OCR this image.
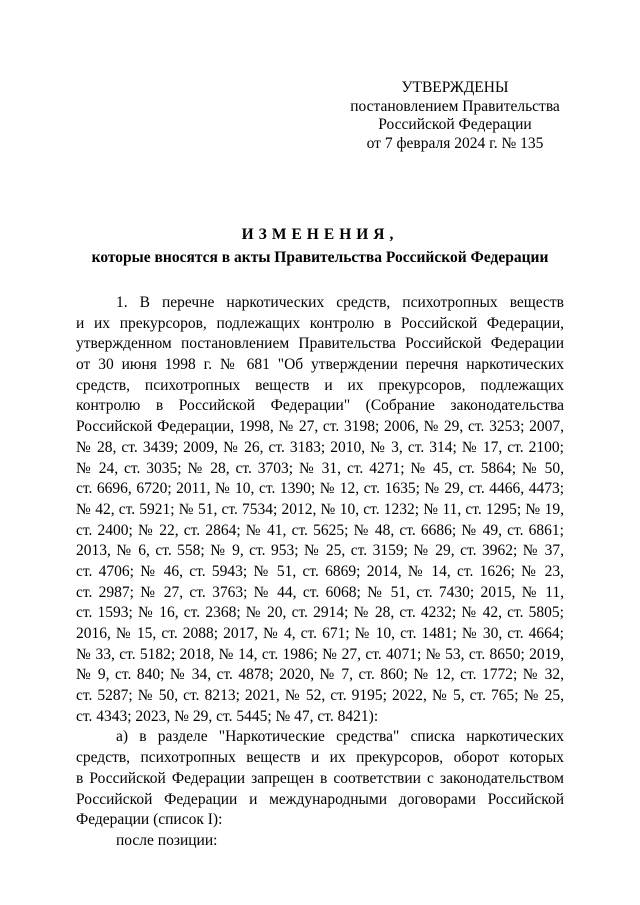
УТВЕРЖДЕНЫ
постановлением Правительства
Российской Федерации
от 7 февраля 2024 г. № 135
ИЗМЕНЕНИЯ,
которые вносятся в акты Правительства Российской Федерации
1. В перечне наркотических средств, психотропных веществ
и их прекурсоров, подлежащих контролю в Российской Федерации,
утвержденном постановлением Правительства Российской Федерации
от 30 июня 1998 г. № 681 "Об утверждении перечня наркотических
средств, психотропных веществ и их прекурсоров, подлежащих
контролю в Российской Федерации" (Собрание законодательства
Российской Федерации, 1998, № 27, ст. 3198; 2006, № 29, ст. 3253; 2007,
№ 28, ст. 3439; 2009, № 26, ст. 3183; 2010, № 3, ст. 314; № 17, ст. 2100;
№ 24, ст. 3035; № 28, ст. 3703; № 31, ст. 4271; № 45, ст. 5864; № 50,
ст. 6696, 6720; 2011, № 10, ст. 1390; № 12, ст. 1635; № 29, ст. 4466, 4473;
№ 42, ст. 5921; № 51, ст. 7534; 2012, № 10, ст. 1232; № 11, ст. 1295; № 19,
ст. 2400; № 22, ст. 2864; № 41, ст. 5625; № 48, ст. 6686; № 49, ст. 6861;
2013, № 6, ст. 558; № 9, ст. 953; № 25, ст. 3159; № 29, ст. 3962; № 37,
ст. 4706; № 46, ст. 5943; № 51, ст. 6869; 2014, № 14, ст. 1626; № 23,
ст. 2987; № 27, ст. 3763; № 44, ст. 6068; № 51, ст. 7430; 2015, № 11,
ст. 1593; № 16, ст. 2368; № 20, ст. 2914; № 28, ст. 4232; № 42, ст. 5805;
2016, № 15, ст. 2088; 2017, № 4, ст. 671; № 10, ст. 1481; № 30, ст. 4664;
№ 33, ст. 5182; 2018, № 14, ст. 1986; № 27, ст. 4071; № 53, ст. 8650; 2019,
№ 9, ст. 840; № 34, ст. 4878; 2020, № 7, ст. 860; № 12, ст. 1772; № 32,
ст. 5287; № 50, ст. 8213; 2021, № 52, ст. 9195; 2022, № 5, ст. 765; № 25,
ст. 4343; 2023, № 29, ст. 5445; № 47, ст. 8421):
а) в разделе "Наркотические средства" списка наркотических
средств, психотропных веществ и их прекурсоров, оборот которых
в Российской Федерации запрещен в соответствии с законодательством
Российской Федерации и международными договорами Российской
Федерации (список I):
после позиции:
